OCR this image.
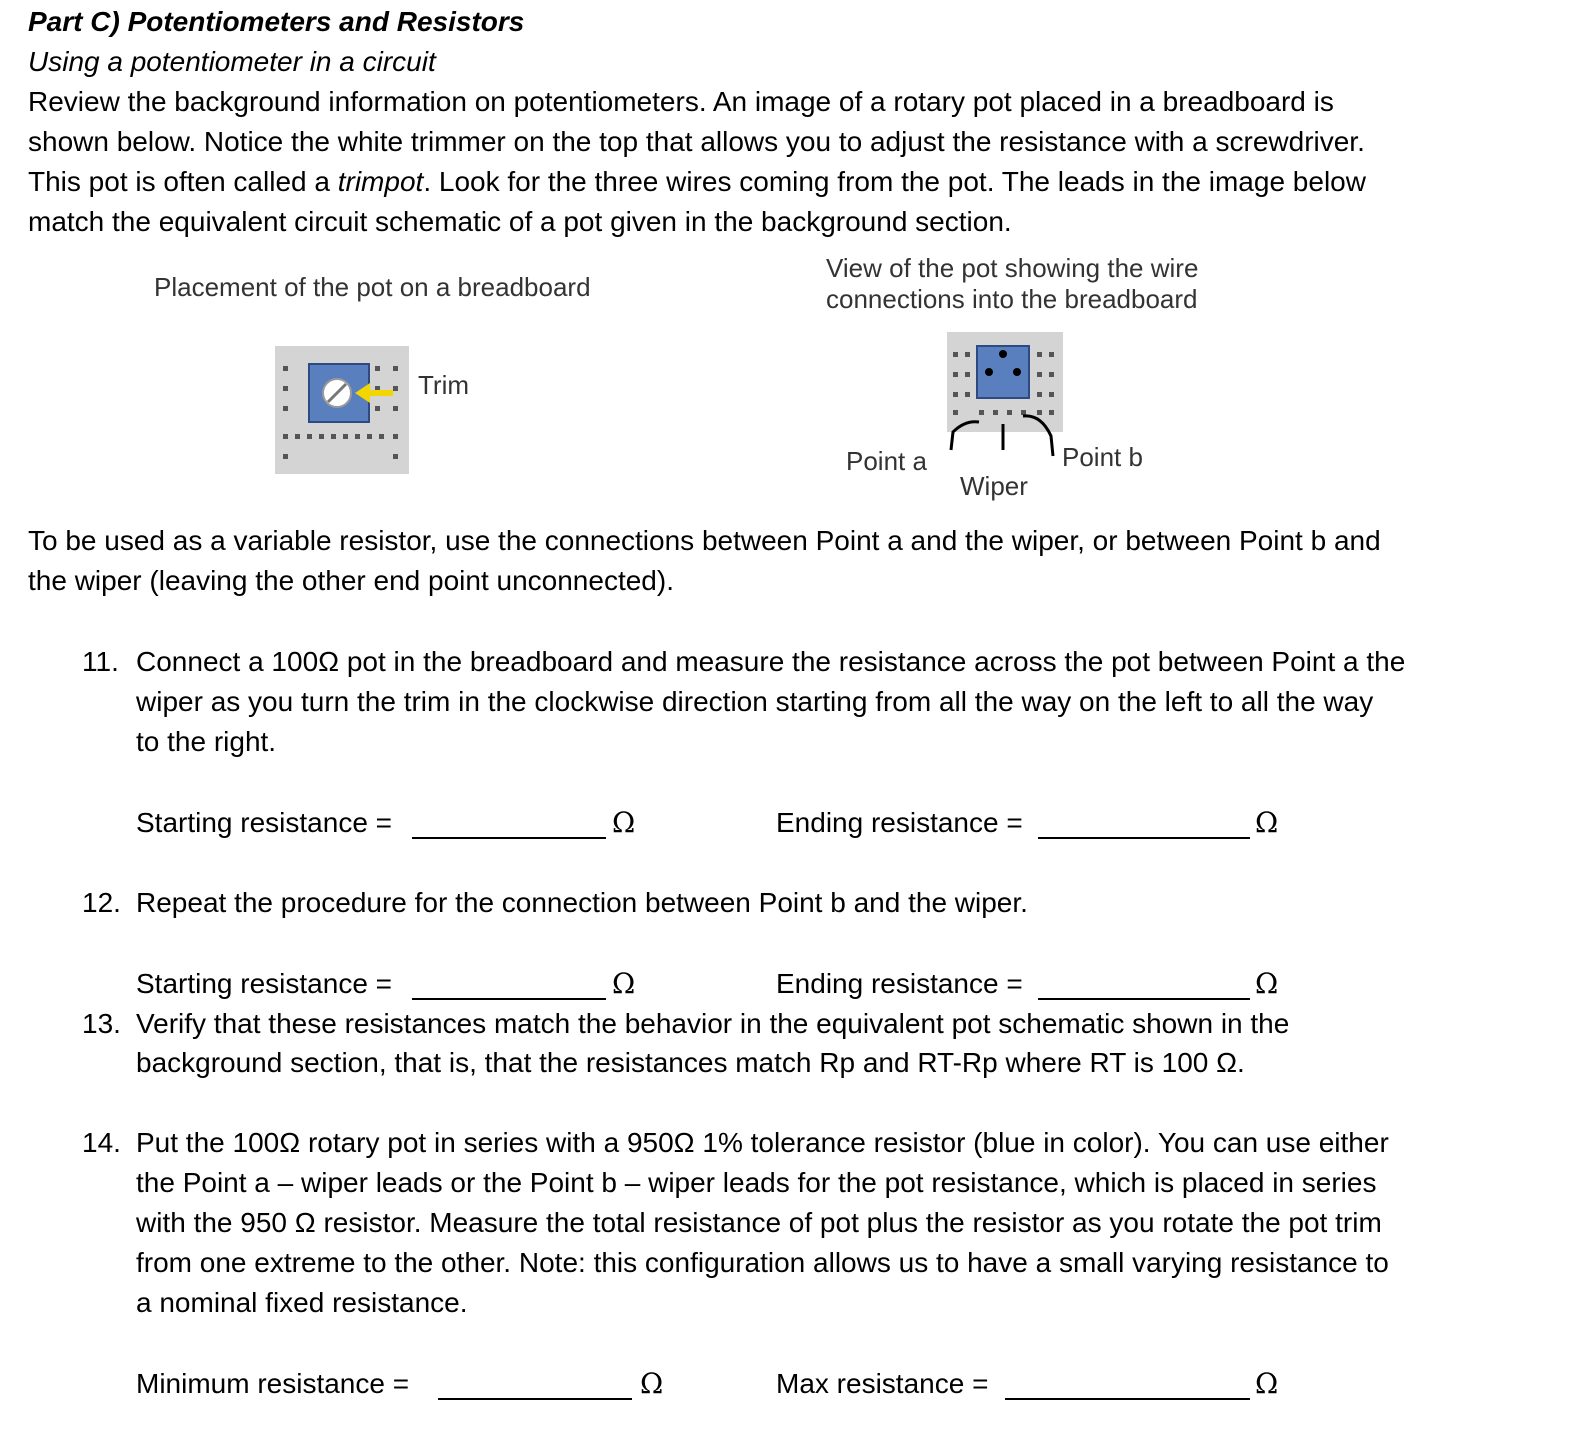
Part C) Potentiometers and Resistors
Using a potentiometer in a circuit
Review the background information on potentiometers. An image of a rotary pot placed in a breadboard is
shown below. Notice the white trimmer on the top that allows you to adjust the resistance with a screwdriver.
This pot is often called a trimpot. Look for the three wires coming from the pot. The leads in the image below
match the equivalent circuit schematic of a pot given in the background section.
Placement of the pot on a breadboard
Trim
View of the pot showing the wire
connections into the breadboard
Point a	Point b
Wiper
To be used as a variable resistor, use the connections between Point a and the wiper, or between Point b and
the wiper (leaving the other end point unconnected).
11. Connect a 100Ω pot in the breadboard and measure the resistance across the pot between Point a the
wiper as you turn the trim in the clockwise direction starting from all the way on the left to all the way
to the right.
Starting resistance =	Ω	Ending resistance =	Ω
12. Repeat the procedure for the connection between Point b and the wiper.
Starting resistance =	Ω	Ending resistance =	Ω
13. Verify that these resistances match the behavior in the equivalent pot schematic shown in the
background section, that is, that the resistances match Rp and RT-Rp where RT is 100 Ω.
14. Put the 100Ω rotary pot in series with a 950Ω 1% tolerance resistor (blue in color). You can use either
the Point a – wiper leads or the Point b – wiper leads for the pot resistance, which is placed in series
with the 950 Ω resistor. Measure the total resistance of pot plus the resistor as you rotate the pot trim
from one extreme to the other. Note: this configuration allows us to have a small varying resistance to
a nominal fixed resistance.
Minimum resistance =	Ω	Max resistance =	Ω
